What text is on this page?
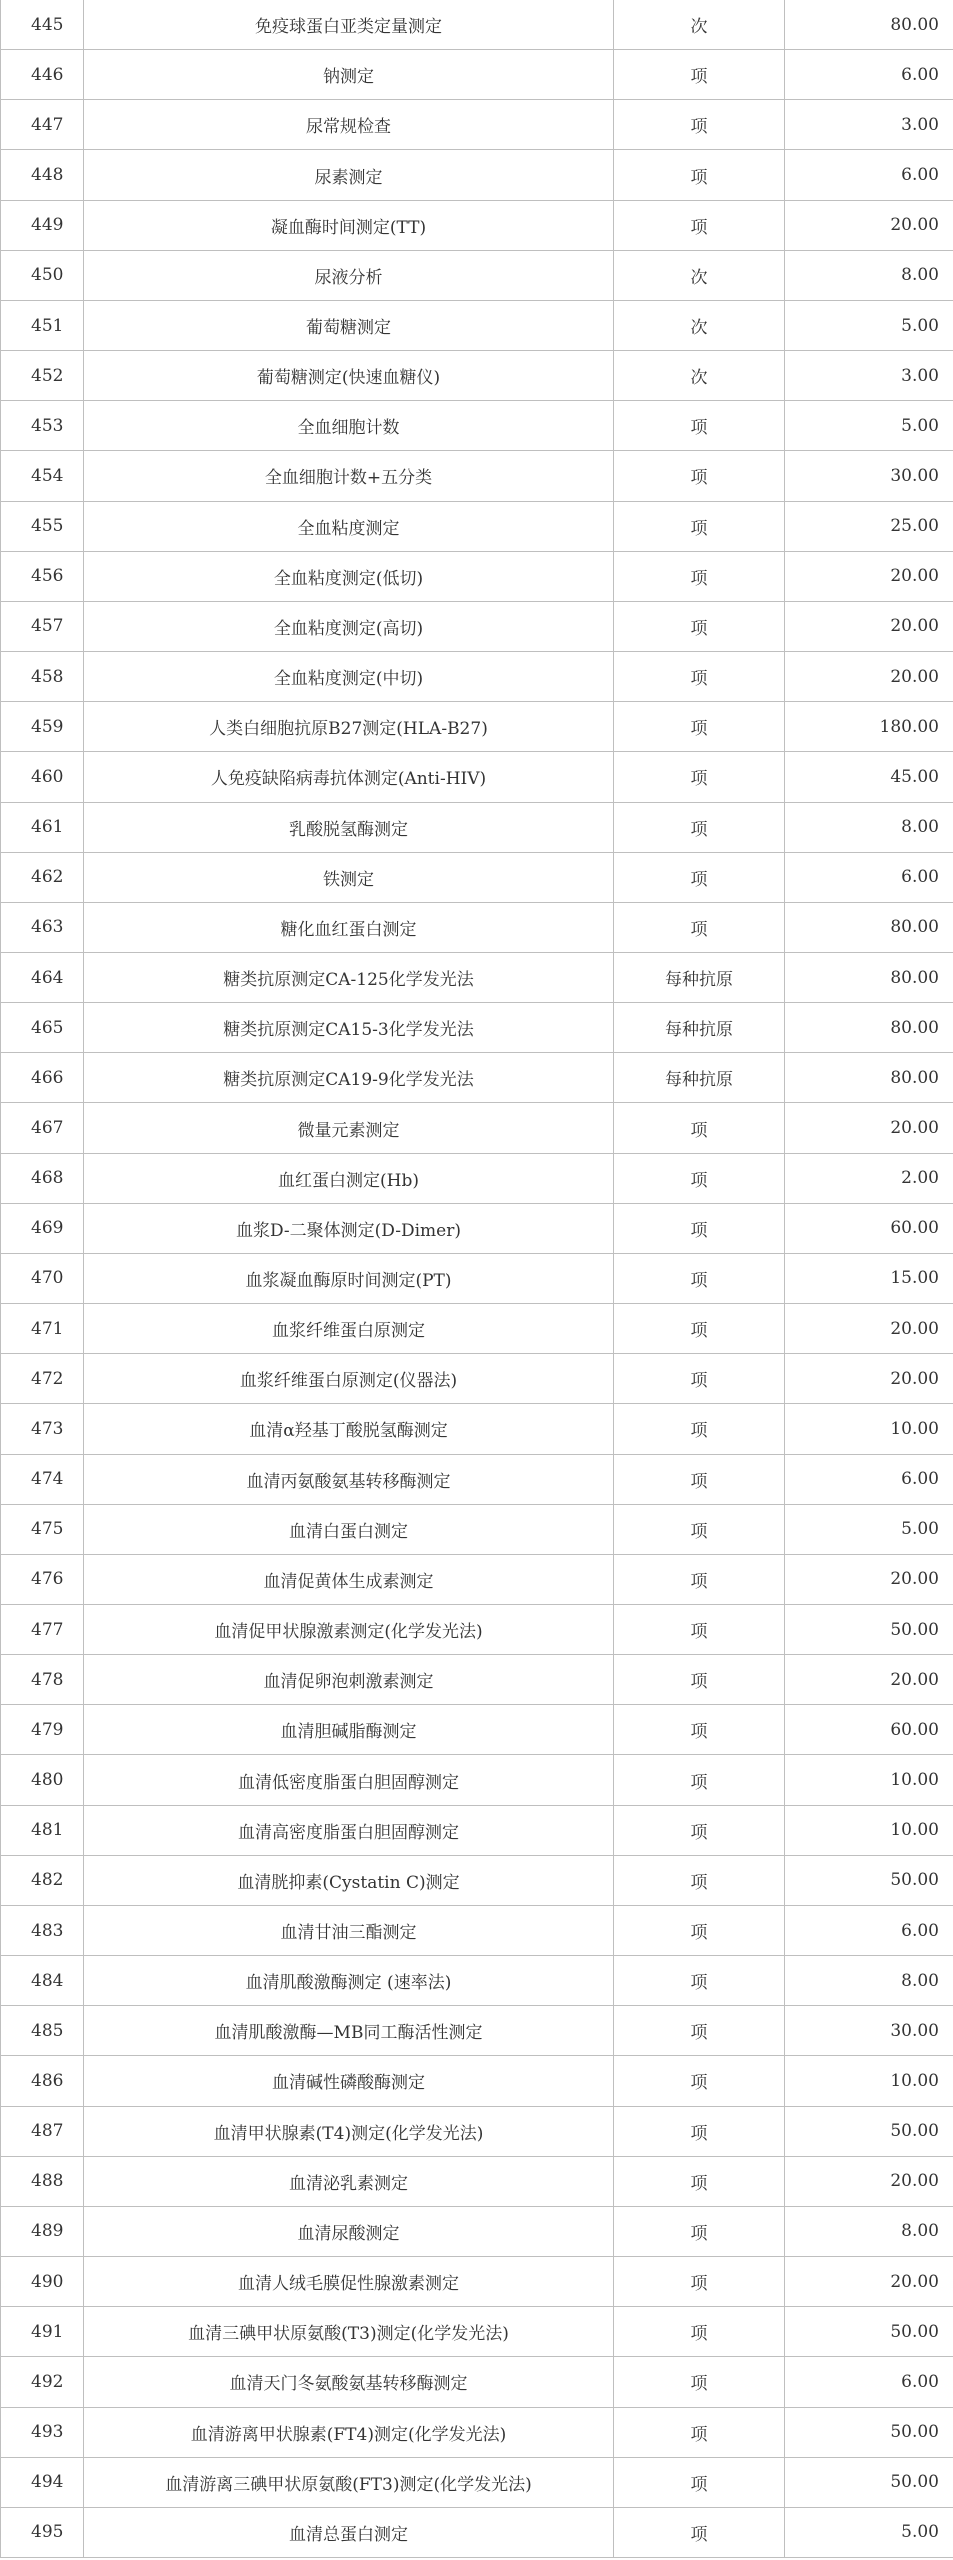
445	免疫球蛋白亚类定量测定	次	80.00
446	钠测定	项	6.00
447	尿常规检查	项	3.00
448	尿素测定	项	6.00
449	凝血酶时间测定(TT)	项	20.00
450	尿液分析	次	8.00
451	葡萄糖测定	次	5.00
452	葡萄糖测定(快速血糖仪)	次	3.00
453	全血细胞计数	项	5.00
454	全血细胞计数+五分类	项	30.00
455	全血粘度测定	项	25.00
456	全血粘度测定(低切)	项	20.00
457	全血粘度测定(高切)	项	20.00
458	全血粘度测定(中切)	项	20.00
459	人类白细胞抗原B27测定(HLA-B27)	项	180.00
460	人免疫缺陷病毒抗体测定(Anti-HIV)	项	45.00
461	乳酸脱氢酶测定	项	8.00
462	铁测定	项	6.00
463	糖化血红蛋白测定	项	80.00
464	糖类抗原测定CA-125化学发光法	每种抗原	80.00
465	糖类抗原测定CA15-3化学发光法	每种抗原	80.00
466	糖类抗原测定CA19-9化学发光法	每种抗原	80.00
467	微量元素测定	项	20.00
468	血红蛋白测定(Hb)	项	2.00
469	血浆D-二聚体测定(D-Dimer)	项	60.00
470	血浆凝血酶原时间测定(PT)	项	15.00
471	血浆纤维蛋白原测定	项	20.00
472	血浆纤维蛋白原测定(仪器法)	项	20.00
473	血清α羟基丁酸脱氢酶测定	项	10.00
474	血清丙氨酸氨基转移酶测定	项	6.00
475	血清白蛋白测定	项	5.00
476	血清促黄体生成素测定	项	20.00
477	血清促甲状腺激素测定(化学发光法)	项	50.00
478	血清促卵泡刺激素测定	项	20.00
479	血清胆碱脂酶测定	项	60.00
480	血清低密度脂蛋白胆固醇测定	项	10.00
481	血清高密度脂蛋白胆固醇测定	项	10.00
482	血清胱抑素(Cystatin C)测定	项	50.00
483	血清甘油三酯测定	项	6.00
484	血清肌酸激酶测定 (速率法)	项	8.00
485	血清肌酸激酶—MB同工酶活性测定	项	30.00
486	血清碱性磷酸酶测定	项	10.00
487	血清甲状腺素(T4)测定(化学发光法)	项	50.00
488	血清泌乳素测定	项	20.00
489	血清尿酸测定	项	8.00
490	血清人绒毛膜促性腺激素测定	项	20.00
491	血清三碘甲状原氨酸(T3)测定(化学发光法)	项	50.00
492	血清天门冬氨酸氨基转移酶测定	项	6.00
493	血清游离甲状腺素(FT4)测定(化学发光法)	项	50.00
494	血清游离三碘甲状原氨酸(FT3)测定(化学发光法)	项	50.00
495	血清总蛋白测定	项	5.00
